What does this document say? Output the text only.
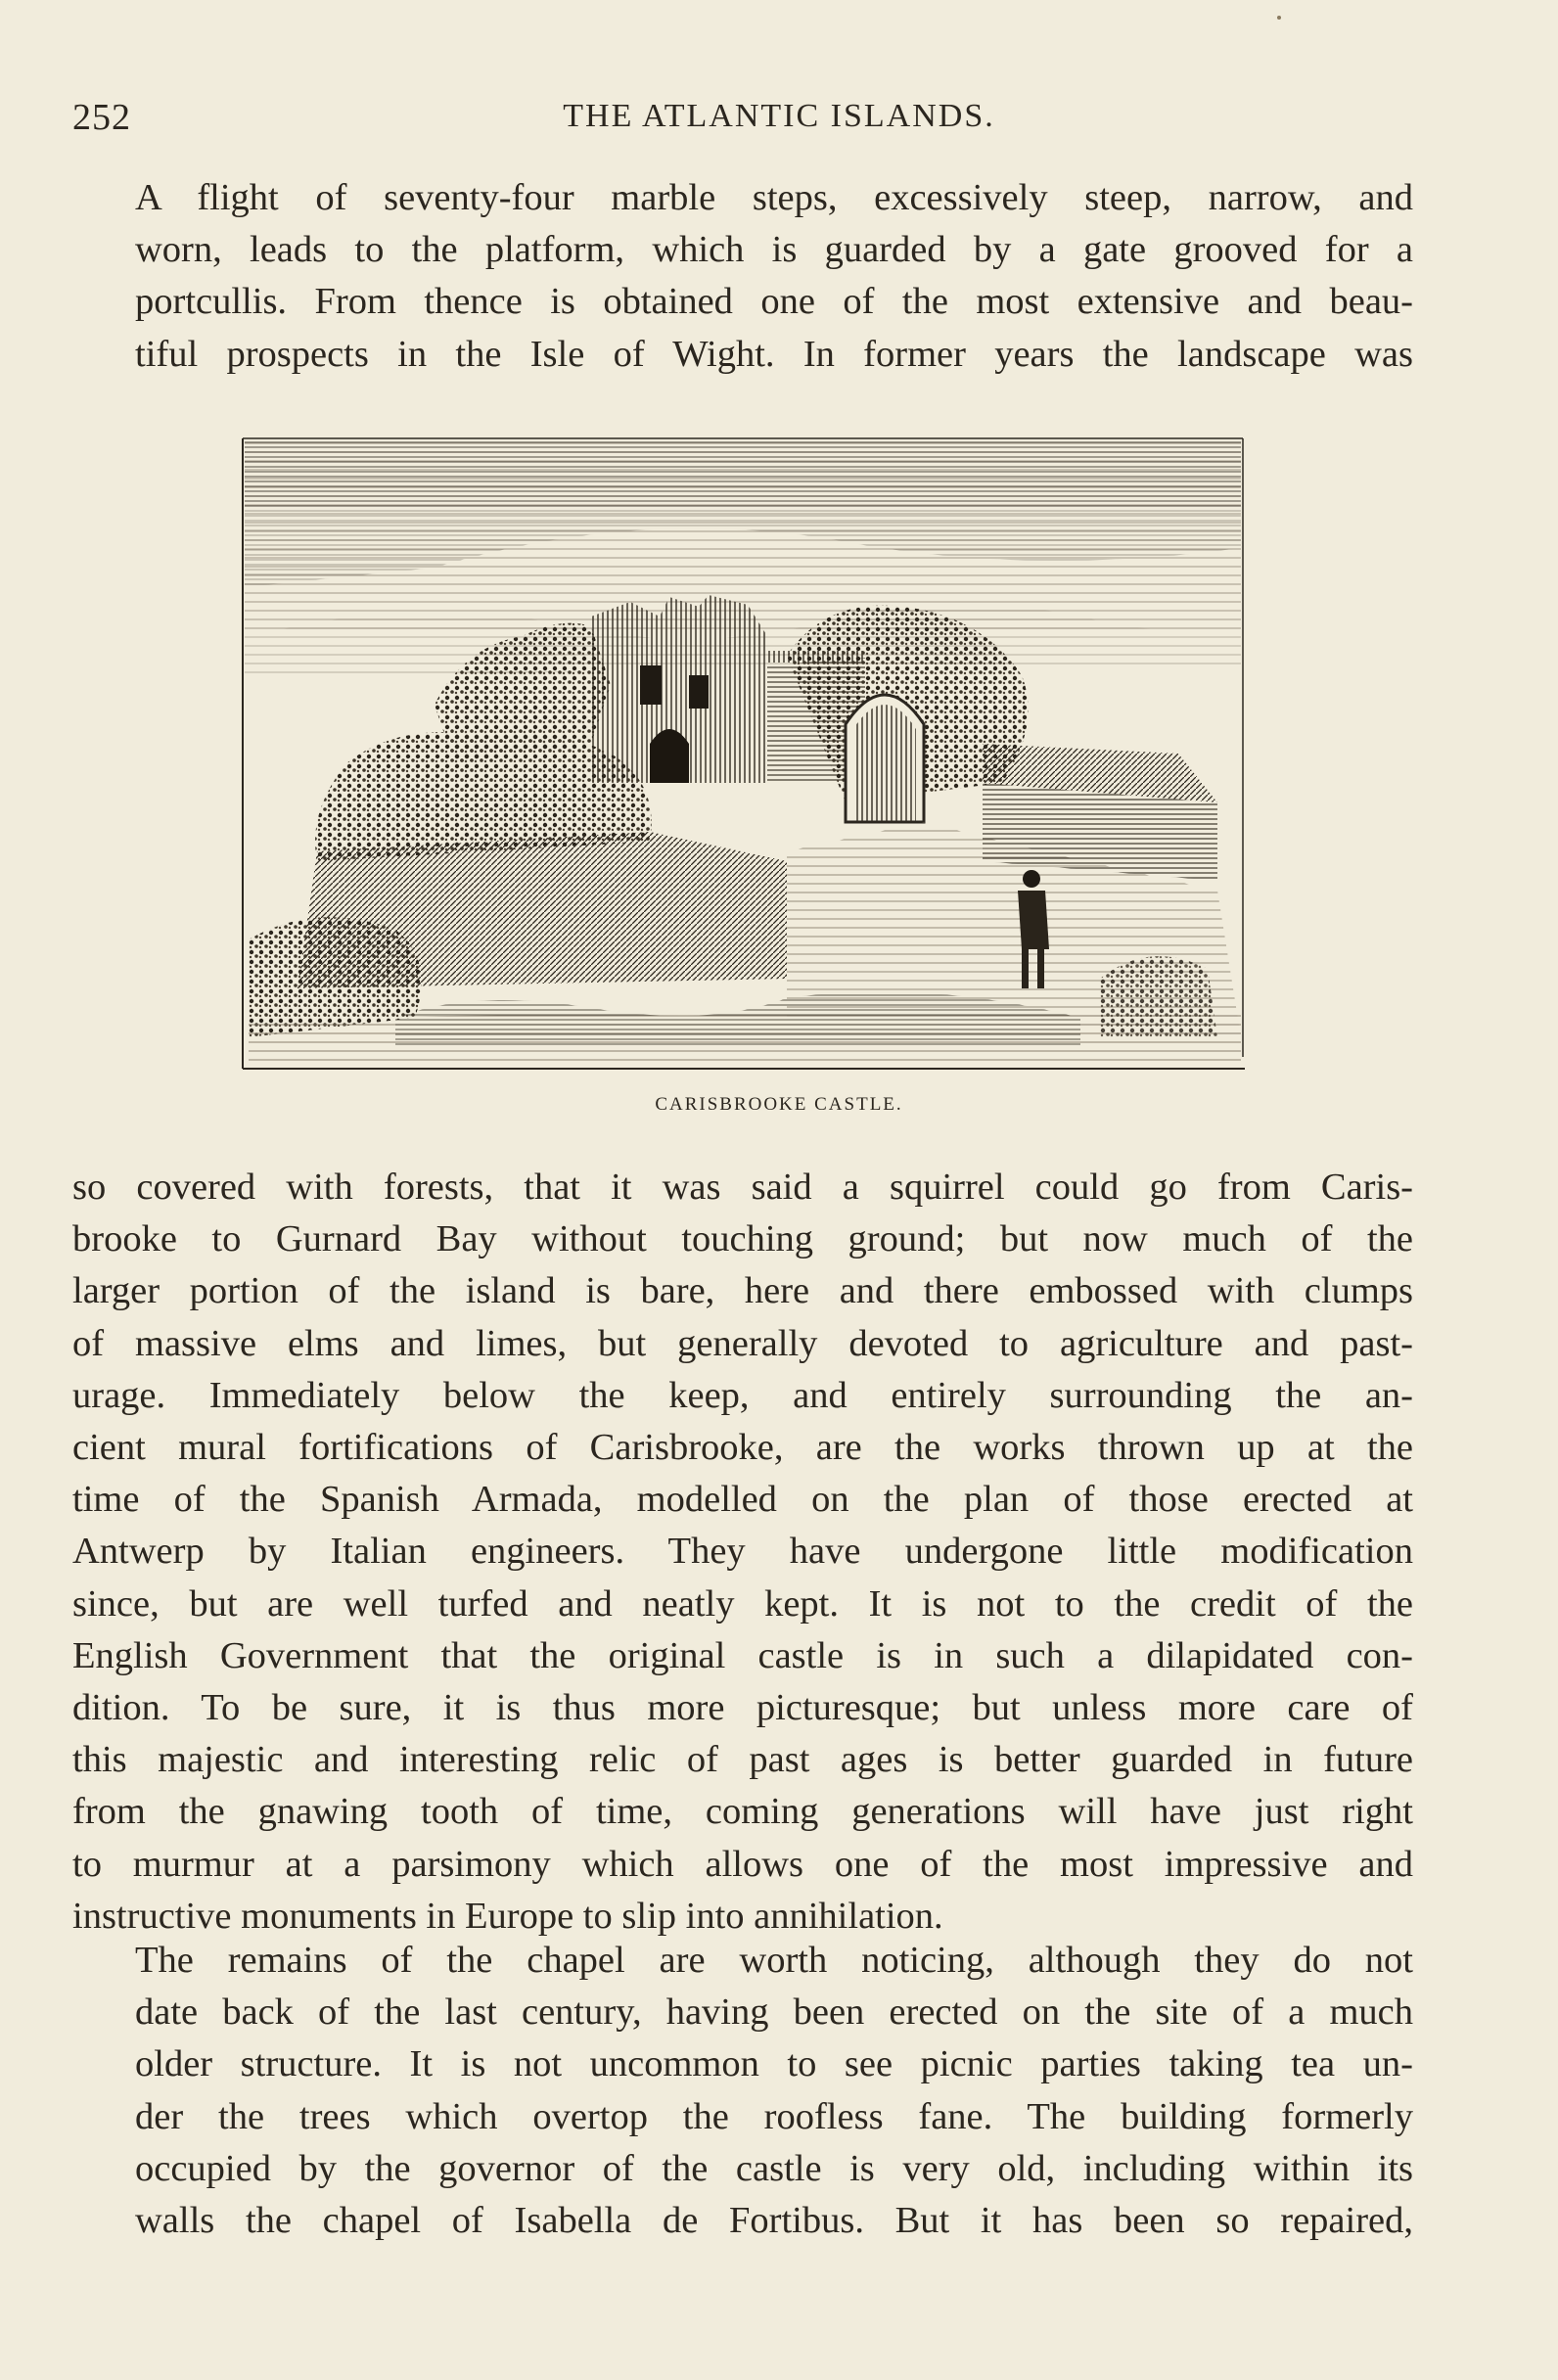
252	THE ATLANTIC ISLANDS.
A flight of seventy-four marble steps, excessively steep, narrow, and
worn, leads to the platform, which is guarded by a gate grooved for a
portcullis. From thence is obtained one of the most extensive and beau-
tiful prospects in the Isle of Wight. In former years the landscape was
CARISBROOKE CASTLE.
so covered with forests, that it was said a squirrel could go from Caris-
brooke to Gurnard Bay without touching ground; but now much of the
larger portion of the island is bare, here and there embossed with clumps
of massive elms and limes, but generally devoted to agriculture and past-
urage. Immediately below the keep, and entirely surrounding the an-
cient mural fortifications of Carisbrooke, are the works thrown up at the
time of the Spanish Armada, modelled on the plan of those erected at
Antwerp by Italian engineers. They have undergone little modification
since, but are well turfed and neatly kept. It is not to the credit of the
English Government that the original castle is in such a dilapidated con-
dition. To be sure, it is thus more picturesque; but unless more care of
this majestic and interesting relic of past ages is better guarded in future
from the gnawing tooth of time, coming generations will have just right
to murmur at a parsimony which allows one of the most impressive and
instructive monuments in Europe to slip into annihilation.
The remains of the chapel are worth noticing, although they do not
date back of the last century, having been erected on the site of a much
older structure. It is not uncommon to see picnic parties taking tea un-
der the trees which overtop the roofless fane. The building formerly
occupied by the governor of the castle is very old, including within its
walls the chapel of Isabella de Fortibus. But it has been so repaired,
